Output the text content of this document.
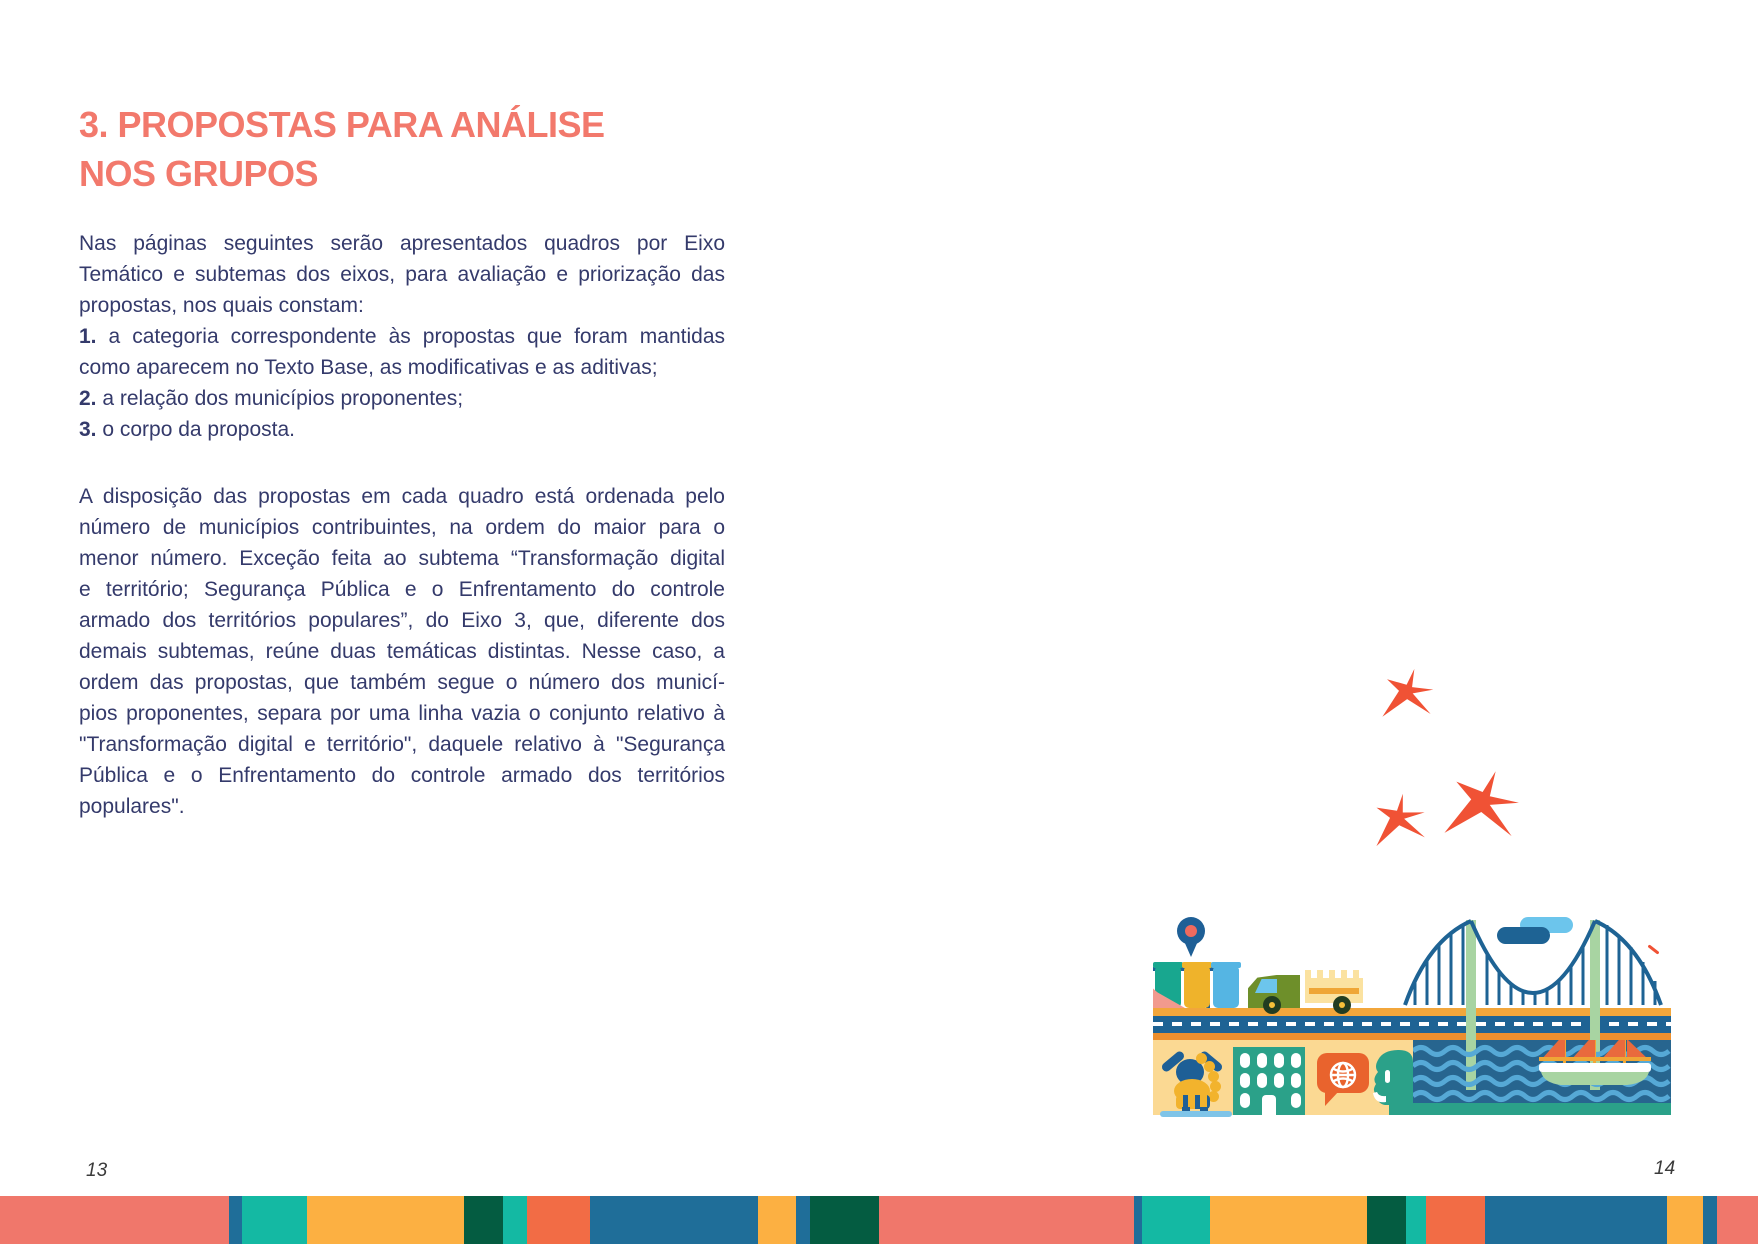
3. PROPOSTAS PARA ANÁLISE
NOS GRUPOS
Nas páginas seguintes serão apresentados quadros por Eixo
Temático e subtemas dos eixos, para avaliação e priorização das
propostas, nos quais constam:
1. a categoria correspondente às propostas que foram mantidas
como aparecem no Texto Base, as modificativas e as aditivas;
2. a relação dos municípios proponentes;
3. o corpo da proposta.
A disposição das propostas em cada quadro está ordenada pelo
número de municípios contribuintes, na ordem do maior para o
menor número. Exceção feita ao subtema “Transformação digital
e território; Segurança Pública e o Enfrentamento do controle
armado dos territórios populares”, do Eixo 3, que, diferente dos
demais subtemas, reúne duas temáticas distintas. Nesse caso, a
ordem das propostas, que também segue o número dos municí-
pios proponentes, separa por uma linha vazia o conjunto relativo à
"Transformação digital e território", daquele relativo à "Segurança
Pública e o Enfrentamento do controle armado dos territórios
populares".
13	14
